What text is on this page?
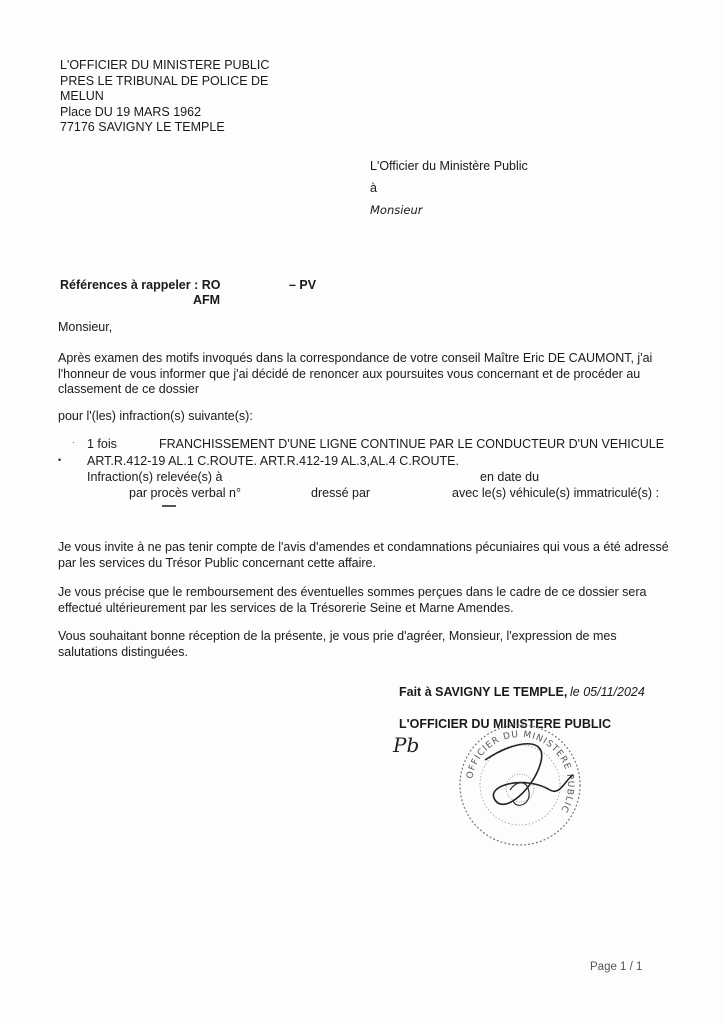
L'OFFICIER DU MINISTERE PUBLIC
PRES LE TRIBUNAL DE POLICE DE
MELUN
Place DU 19 MARS 1962
77176 SAVIGNY LE TEMPLE
L'Officier du Ministère Public
à
Monsieur
Références à rappeler : RO	– PV
AFM
Monsieur,

Après examen des motifs invoqués dans la correspondance de votre conseil Maître Eric DE CAUMONT, j'ai l'honneur de vous informer que j'ai décidé de renoncer aux poursuites vous concernant et de procéder au classement de ce dossier

pour l'(les) infraction(s) suivante(s):
· 1 fois	FRANCHISSEMENT D'UNE LIGNE CONTINUE PAR LE CONDUCTEUR D'UN VEHICULE
• ART.R.412-19 AL.1 C.ROUTE. ART.R.412-19 AL.3,AL.4 C.ROUTE.
Infraction(s) relevée(s) à	en date du
par procès verbal n°	dressé par	avec le(s) véhicule(s) immatriculé(s) :

Je vous invite à ne pas tenir compte de l'avis d'amendes et condamnations pécuniaires qui vous a été adressé par les services du Trésor Public concernant cette affaire.

Je vous précise que le remboursement des éventuelles sommes perçues dans le cadre de ce dossier sera effectué ultérieurement par les services de la Trésorerie Seine et Marne Amendes.

Vous souhaitant bonne réception de la présente, je vous prie d'agréer, Monsieur, l'expression de mes salutations distinguées.

Fait à SAVIGNY LE TEMPLE, le 05/11/2024
L'OFFICIER DU MINISTERE PUBLIC
Pb
OFFICIER DU MINISTERE PUBLIC
Page 1 / 1
